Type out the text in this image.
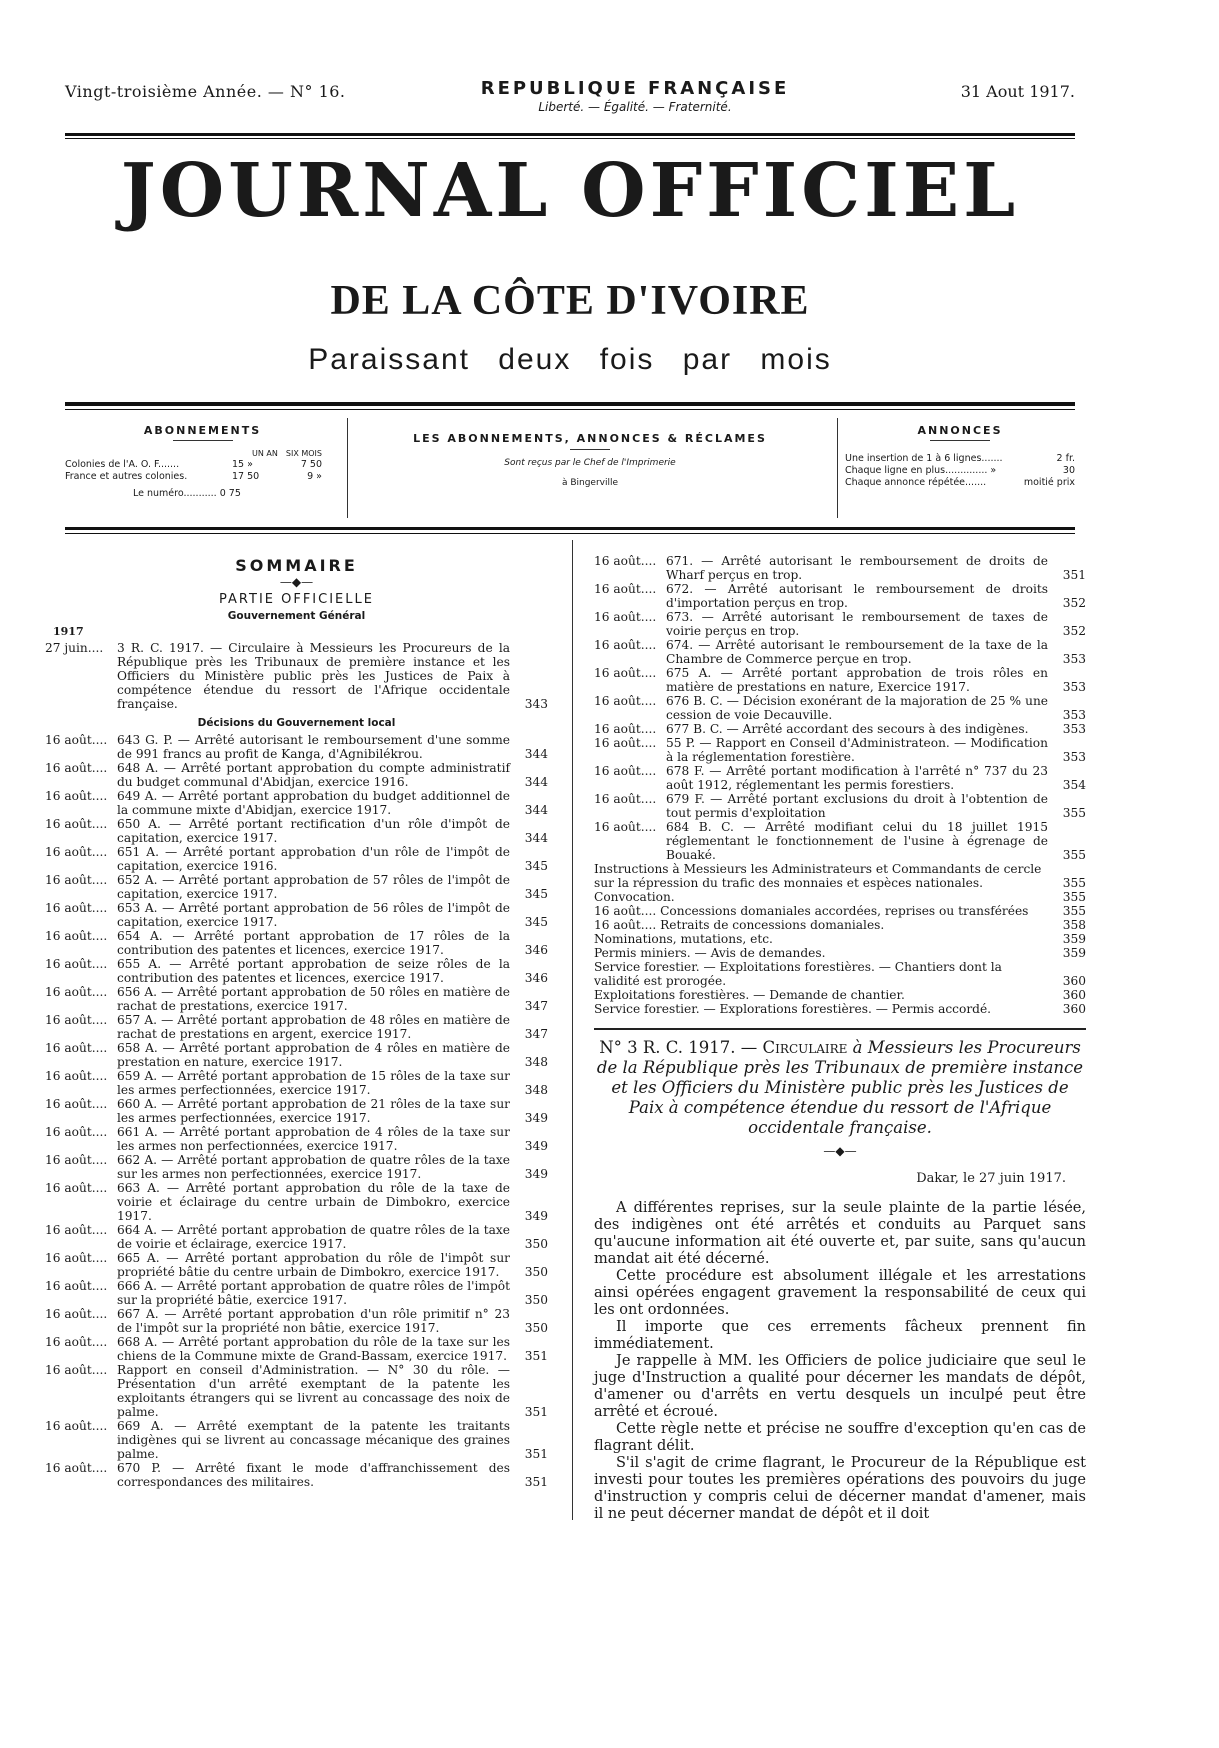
Vingt-troisième Année. — N° 16.	REPUBLIQUE FRANÇAISE
Liberté. — Égalité. — Fraternité.
31 Aout 1917.
JOURNAL OFFICIEL
DE LA CÔTE D'IVOIRE
Paraissant deux fois par mois
ABONNEMENTS
UN AN SIX MOIS
Colonies de l'A. O. F.......	15 »	7 50
France et autres colonies.	17 50	9 »
Le numéro........... 0 75
LES ABONNEMENTS, ANNONCES & RÉCLAMES
Sont reçus par le Chef de l'Imprimerie
à Bingerville
ANNONCES
Une insertion de 1 à 6 lignes.......	2 fr.
Chaque ligne en plus.............. »	30
Chaque annonce répétée.......	moitié prix
SOMMAIRE
—◆—
PARTIE OFFICIELLE
Gouvernement Général
1917
27 juin....	3 R. C. 1917. — Circulaire à Messieurs les Procureurs de la République près les Tribunaux de première instance et les Officiers du Ministère public près les Justices de Paix à compétence étendue du ressort de l'Afrique occidentale française.	343
Décisions du Gouvernement local
16 août.... 643 G. P. — Arrêté autorisant le remboursement d'une somme de 991 francs au profit de Kanga, d'Agnibilékrou.	344
16 août.... 648 A. — Arrêté portant approbation du compte administratif du budget communal d'Abidjan, exercice 1916.	344
16 août.... 649 A. — Arrêté portant approbation du budget additionnel de la commune mixte d'Abidjan, exercice 1917.	344
16 août.... 650 A. — Arrêté portant rectification d'un rôle d'impôt de capitation, exercice 1917.	344
16 août.... 651 A. — Arrêté portant approbation d'un rôle de l'impôt de capitation, exercice 1916.	345
16 août.... 652 A. — Arrêté portant approbation de 57 rôles de l'impôt de capitation, exercice 1917.	345
16 août.... 653 A. — Arrêté portant approbation de 56 rôles de l'impôt de capitation, exercice 1917.	345
16 août.... 654 A. — Arrêté portant approbation de 17 rôles de la contribution des patentes et licences, exercice 1917.	346
16 août.... 655 A. — Arrêté portant approbation de seize rôles de la contribution des patentes et licences, exercice 1917.	346
16 août.... 656 A. — Arrêté portant approbation de 50 rôles en matière de rachat de prestations, exercice 1917.	347
16 août.... 657 A. — Arrêté portant approbation de 48 rôles en matière de rachat de prestations en argent, exercice 1917.	347
16 août.... 658 A. — Arrêté portant approbation de 4 rôles en matière de prestation en nature, exercice 1917.	348
16 août.... 659 A. — Arrêté portant approbation de 15 rôles de la taxe sur les armes perfectionnées, exercice 1917.	348
16 août.... 660 A. — Arrêté portant approbation de 21 rôles de la taxe sur les armes perfectionnées, exercice 1917.	349
16 août.... 661 A. — Arrêté portant approbation de 4 rôles de la taxe sur les armes non perfectionnées, exercice 1917.	349
16 août.... 662 A. — Arrêté portant approbation de quatre rôles de la taxe sur les armes non perfectionnées, exercice 1917.	349
16 août.... 663 A. — Arrêté portant approbation du rôle de la taxe de voirie et éclairage du centre urbain de Dimbokro, exercice 1917.	349
16 août.... 664 A. — Arrêté portant approbation de quatre rôles de la taxe de voirie et éclairage, exercice 1917.	350
16 août.... 665 A. — Arrêté portant approbation du rôle de l'impôt sur propriété bâtie du centre urbain de Dimbokro, exercice 1917.	350
16 août.... 666 A. — Arrêté portant approbation de quatre rôles de l'impôt sur la propriété bâtie, exercice 1917.	350
16 août.... 667 A. — Arrêté portant approbation d'un rôle primitif n° 23 de l'impôt sur la propriété non bâtie, exercice 1917.	350
16 août.... 668 A. — Arrêté portant approbation du rôle de la taxe sur les chiens de la Commune mixte de Grand-Bassam, exercice 1917.	351
16 août.... Rapport en conseil d'Administration. — N° 30 du rôle. — Présentation d'un arrêté exemptant de la patente les exploitants étrangers qui se livrent au concassage des noix de palme.	351
16 août.... 669 A. — Arrêté exemptant de la patente les traitants indigènes qui se livrent au concassage mécanique des graines palme.	351
16 août.... 670 P. — Arrêté fixant le mode d'affranchissement des correspondances des militaires.	351
16 août.... 671. — Arrêté autorisant le remboursement de droits de Wharf perçus en trop.	351
16 août.... 672. — Arrêté autorisant le remboursement de droits d'importation perçus en trop.	352
16 août.... 673. — Arrêté autorisant le remboursement de taxes de voirie perçus en trop.	352
16 août.... 674. — Arrêté autorisant le remboursement de la taxe de la Chambre de Commerce perçue en trop.	353
16 août.... 675 A. — Arrêté portant approbation de trois rôles en matière de prestations en nature, Exercice 1917.	353
16 août.... 676 B. C. — Décision exonérant de la majoration de 25 % une cession de voie Decauville.	353
16 août.... 677 B. C. — Arrêté accordant des secours à des indigènes.	353
16 août.... 55 P. — Rapport en Conseil d'Administrateon. — Modification à la réglementation forestière.	353
16 août.... 678 F. — Arrêté portant modification à l'arrêté n° 737 du 23 août 1912, réglementant les permis forestiers.	354
16 août.... 679 F. — Arrêté portant exclusions du droit à l'obtention de tout permis d'exploitation	355
16 août.... 684 B. C. — Arrêté modifiant celui du 18 juillet 1915 réglementant le fonctionnement de l'usine à égrenage de Bouaké.	355
Instructions à Messieurs les Administrateurs et Commandants de cercle sur la répression du trafic des monnaies et espèces nationales.	355
Convocation.	355
16 août.... Concessions domaniales accordées, reprises ou transférées	355
16 août.... Retraits de concessions domaniales.	358
Nominations, mutations, etc.	359
Permis miniers. — Avis de demandes.	359
Service forestier. — Exploitations forestières. — Chantiers dont la validité est prorogée.	360
Exploitations forestières. — Demande de chantier.	360
Service forestier. — Explorations forestières. — Permis accordé.	360
N° 3 R. C. 1917. — Circulaire à Messieurs les Procureurs de la République près les Tribunaux de première instance et les Officiers du Ministère public près les Justices de Paix à compétence étendue du ressort de l'Afrique occidentale française.
—◆—
Dakar, le 27 juin 1917.

A différentes reprises, sur la seule plainte de la partie lésée, des indigènes ont été arrêtés et conduits au Parquet sans qu'aucune information ait été ouverte et, par suite, sans qu'aucun mandat ait été décerné.

Cette procédure est absolument illégale et les arrestations ainsi opérées engagent gravement la responsabilité de ceux qui les ont ordonnées.

Il importe que ces errements fâcheux prennent fin immédiatement.

Je rappelle à MM. les Officiers de police judiciaire que seul le juge d'Instruction a qualité pour décerner les mandats de dépôt, d'amener ou d'arrêts en vertu desquels un inculpé peut être arrêté et écroué.

Cette règle nette et précise ne souffre d'exception qu'en cas de flagrant délit.

S'il s'agit de crime flagrant, le Procureur de la République est investi pour toutes les premières opérations des pouvoirs du juge d'instruction y compris celui de décerner mandat d'amener, mais il ne peut décerner mandat de dépôt et il doit
